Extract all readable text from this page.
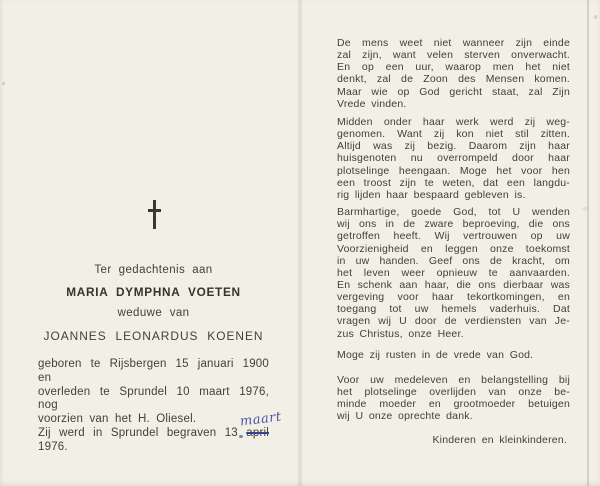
Ter gedachtenis aan
MARIA DYMPHNA VOETEN
weduwe van
JOANNES LEONARDUS KOENEN
geboren te Rijsbergen 15 januari 1900 en
overleden te Sprundel 10 maart 1976, nog
voorzien van het H. Oliesel.
Zij werd in Sprundel begraven 13 april
maart
1976.
De mens weet niet wanneer zijn einde
zal zijn, want velen sterven onverwacht.
En op een uur, waarop men het niet
denkt, zal de Zoon des Mensen komen.
Maar wie op God gericht staat, zal Zijn
Vrede vinden.
Midden onder haar werk werd zij weg-
genomen. Want zij kon niet stil zitten.
Altijd was zij bezig. Daarom zijn haar
huisgenoten nu overrompeld door haar
plotselinge heengaan. Moge het voor hen
een troost zijn te weten, dat een langdu-
rig lijden haar bespaard gebleven is.
Barmhartige, goede God, tot U wenden
wij ons in de zware beproeving, die ons
getroffen heeft. Wij vertrouwen op uw
Voorzienigheid en leggen onze toekomst
in uw handen. Geef ons de kracht, om
het leven weer opnieuw te aanvaarden.
En schenk aan haar, die ons dierbaar was
vergeving voor haar tekortkomingen, en
toegang tot uw hemels vaderhuis. Dat
vragen wij U door de verdiensten van Je-
zus Christus, onze Heer.
Moge zij rusten in de vrede van God.
Voor uw medeleven en belangstelling bij
het plotselinge overlijden van onze be-
minde moeder en grootmoeder betuigen
wij U onze oprechte dank.
Kinderen en kleinkinderen.
